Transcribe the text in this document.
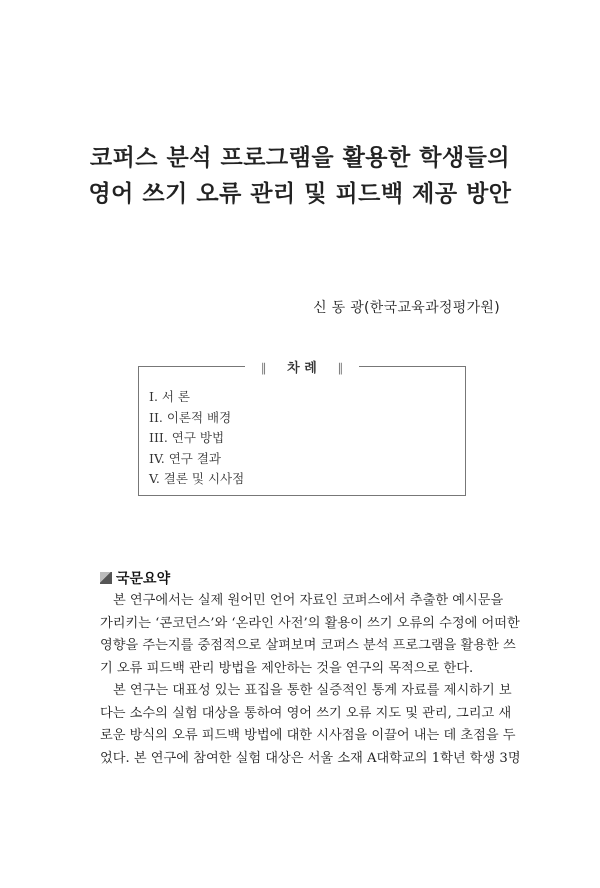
코퍼스 분석 프로그램을 활용한 학생들의
영어 쓰기 오류 관리 및 피드백 제공 방안
신 동 광(한국교육과정평가원)
∥ 차 례 ∥
I. 서 론
II. 이론적 배경
III. 연구 방법
IV. 연구 결과
V. 결론 및 시사점
국문요약
본 연구에서는 실제 원어민 언어 자료인 코퍼스에서 추출한 예시문을
가리키는 ‘콘코던스’와 ‘온라인 사전’의 활용이 쓰기 오류의 수정에 어떠한
영향을 주는지를 중점적으로 살펴보며 코퍼스 분석 프로그램을 활용한 쓰
기 오류 피드백 관리 방법을 제안하는 것을 연구의 목적으로 한다.
본 연구는 대표성 있는 표집을 통한 실증적인 통계 자료를 제시하기 보
다는 소수의 실험 대상을 통하여 영어 쓰기 오류 지도 및 관리, 그리고 새
로운 방식의 오류 피드백 방법에 대한 시사점을 이끌어 내는 데 초점을 두
었다. 본 연구에 참여한 실험 대상은 서울 소재 A대학교의 1학년 학생 3명
